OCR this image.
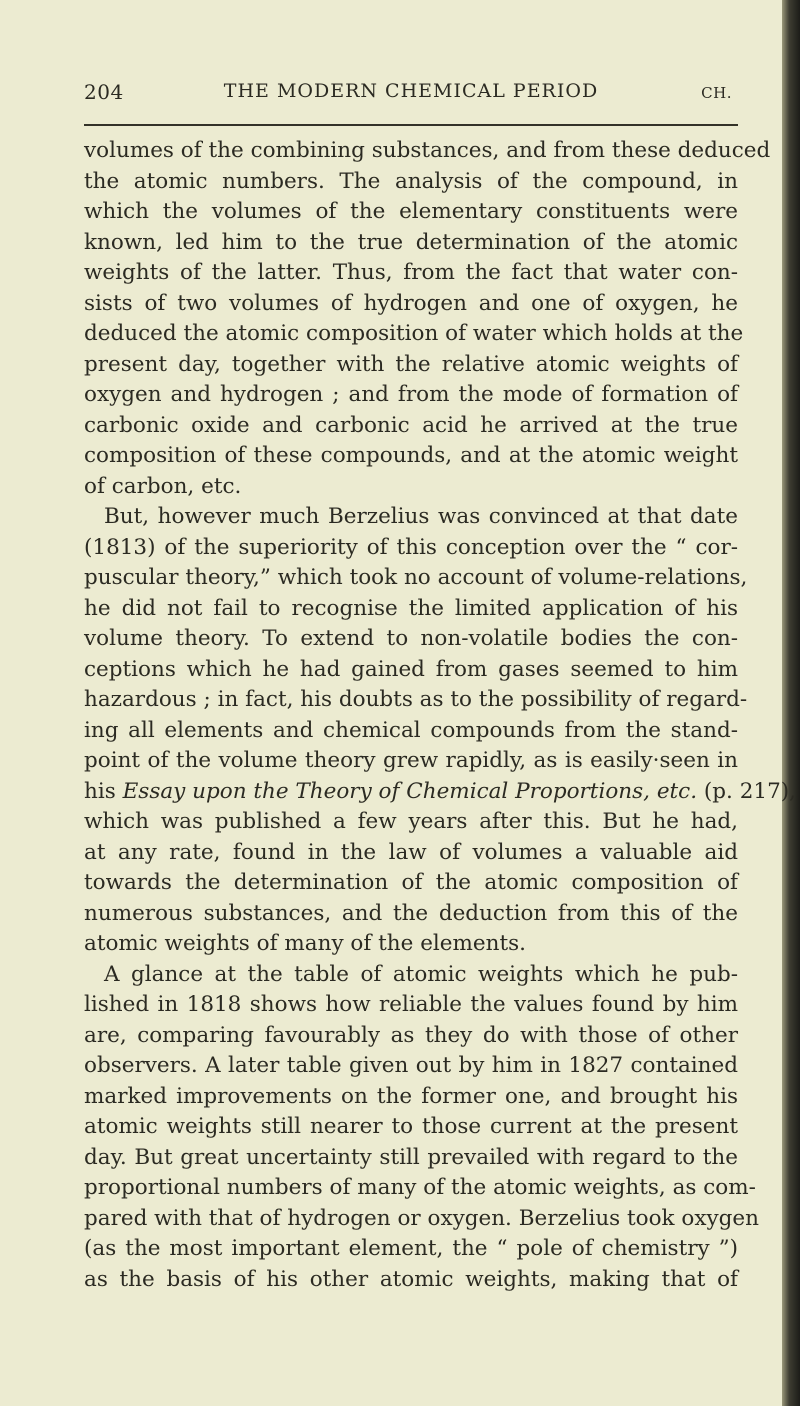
204	THE MODERN CHEMICAL PERIOD	CH.
volumes of the combining substances, and from these deduced
the atomic numbers. The analysis of the compound, in
which the volumes of the elementary constituents were
known, led him to the true determination of the atomic
weights of the latter. Thus, from the fact that water con-
sists of two volumes of hydrogen and one of oxygen, he
deduced the atomic composition of water which holds at the
present day, together with the relative atomic weights of
oxygen and hydrogen ; and from the mode of formation of
carbonic oxide and carbonic acid he arrived at the true
composition of these compounds, and at the atomic weight
of carbon, etc.
But, however much Berzelius was convinced at that date
(1813) of the superiority of this conception over the “ cor-
puscular theory,” which took no account of volume-relations,
he did not fail to recognise the limited application of his
volume theory. To extend to non-volatile bodies the con-
ceptions which he had gained from gases seemed to him
hazardous ; in fact, his doubts as to the possibility of regard-
ing all elements and chemical compounds from the stand-
point of the volume theory grew rapidly, as is easily·seen in
his Essay upon the Theory of Chemical Proportions, etc. (p. 217),
which was published a few years after this. But he had,
at any rate, found in the law of volumes a valuable aid
towards the determination of the atomic composition of
numerous substances, and the deduction from this of the
atomic weights of many of the elements.
A glance at the table of atomic weights which he pub-
lished in 1818 shows how reliable the values found by him
are, comparing favourably as they do with those of other
observers. A later table given out by him in 1827 contained
marked improvements on the former one, and brought his
atomic weights still nearer to those current at the present
day. But great uncertainty still prevailed with regard to the
proportional numbers of many of the atomic weights, as com-
pared with that of hydrogen or oxygen. Berzelius took oxygen
(as the most important element, the “ pole of chemistry ”)
as the basis of his other atomic weights, making that of
